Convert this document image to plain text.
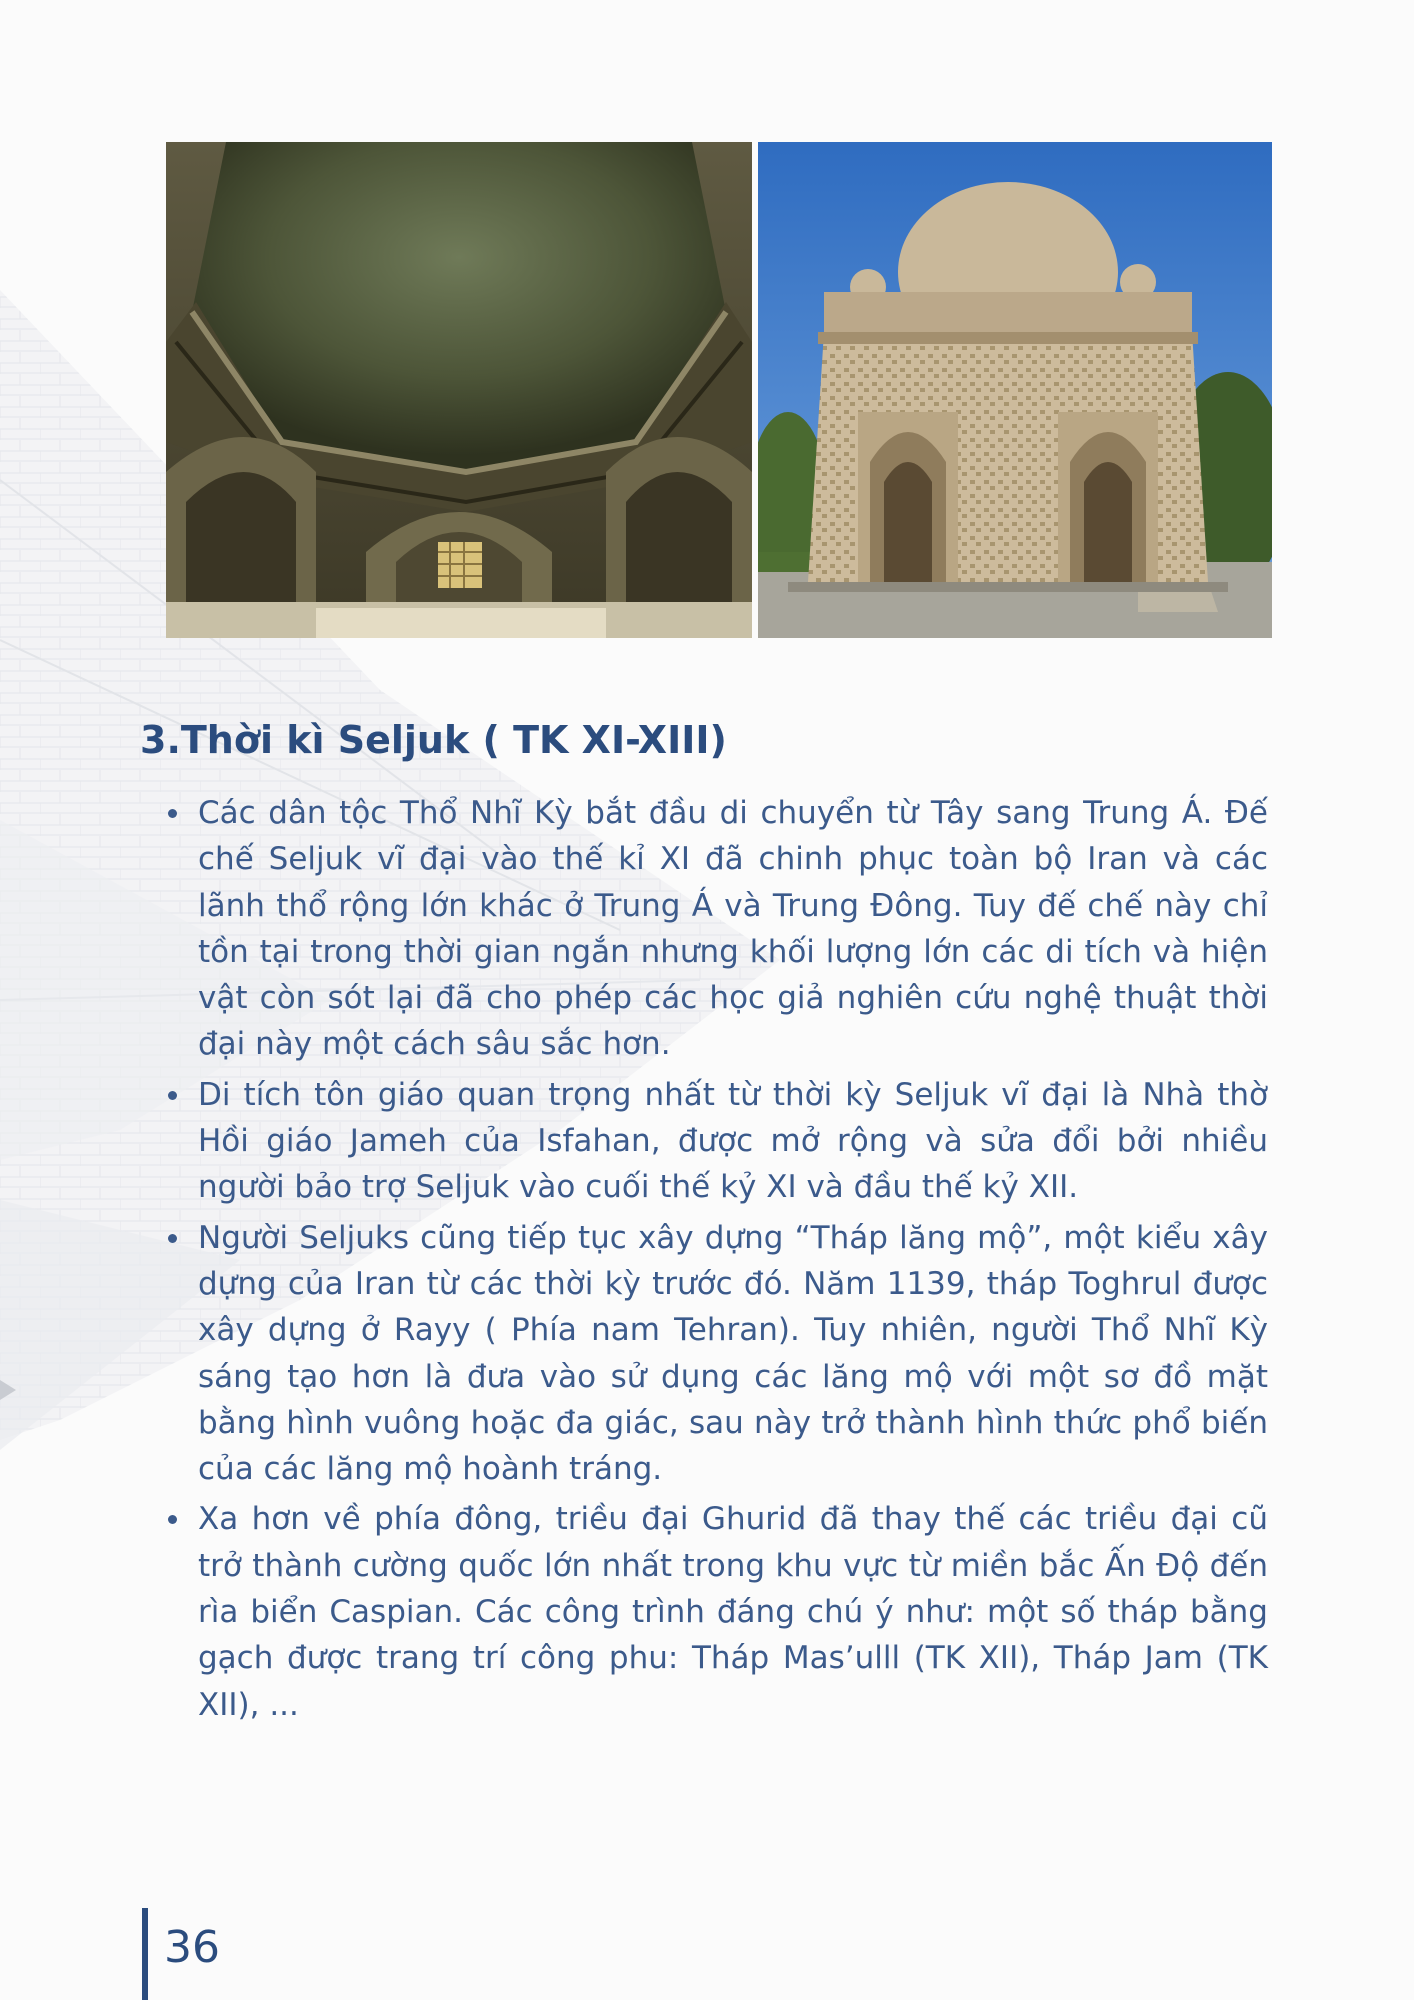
3.Thời kì Seljuk ( TK XI-XIII)
Các dân tộc Thổ Nhĩ Kỳ bắt đầu di chuyển từ Tây sang Trung Á. Đế chế Seljuk vĩ đại vào thế kỉ XI đã chinh phục toàn bộ Iran và các lãnh thổ rộng lớn khác ở Trung Á và Trung Đông. Tuy đế chế này chỉ tồn tại trong thời gian ngắn nhưng khối lượng lớn các di tích và hiện vật còn sót lại đã cho phép các học giả nghiên cứu nghệ thuật thời đại này một cách sâu sắc hơn.
Di tích tôn giáo quan trọng nhất từ thời kỳ Seljuk vĩ đại là Nhà thờ Hồi giáo Jameh của Isfahan, được mở rộng và sửa đổi bởi nhiều người bảo trợ Seljuk vào cuối thế kỷ XI và đầu thế kỷ XII.
Người Seljuks cũng tiếp tục xây dựng “Tháp lăng mộ”, một kiểu xây dựng của Iran từ các thời kỳ trước đó. Năm 1139, tháp Toghrul được xây dựng ở Rayy ( Phía nam Tehran). Tuy nhiên, người Thổ Nhĩ Kỳ sáng tạo hơn là đưa vào sử dụng các lăng mộ với một sơ đồ mặt bằng hình vuông hoặc đa giác, sau này trở thành hình thức phổ biến của các lăng mộ hoành tráng.
Xa hơn về phía đông, triều đại Ghurid đã thay thế các triều đại cũ trở thành cường quốc lớn nhất trong khu vực từ miền bắc Ấn Độ đến rìa biển Caspian. Các công trình đáng chú ý như: một số tháp bằng gạch được trang trí công phu: Tháp Mas’ulll (TK XII), Tháp Jam (TK XII), ...
36
